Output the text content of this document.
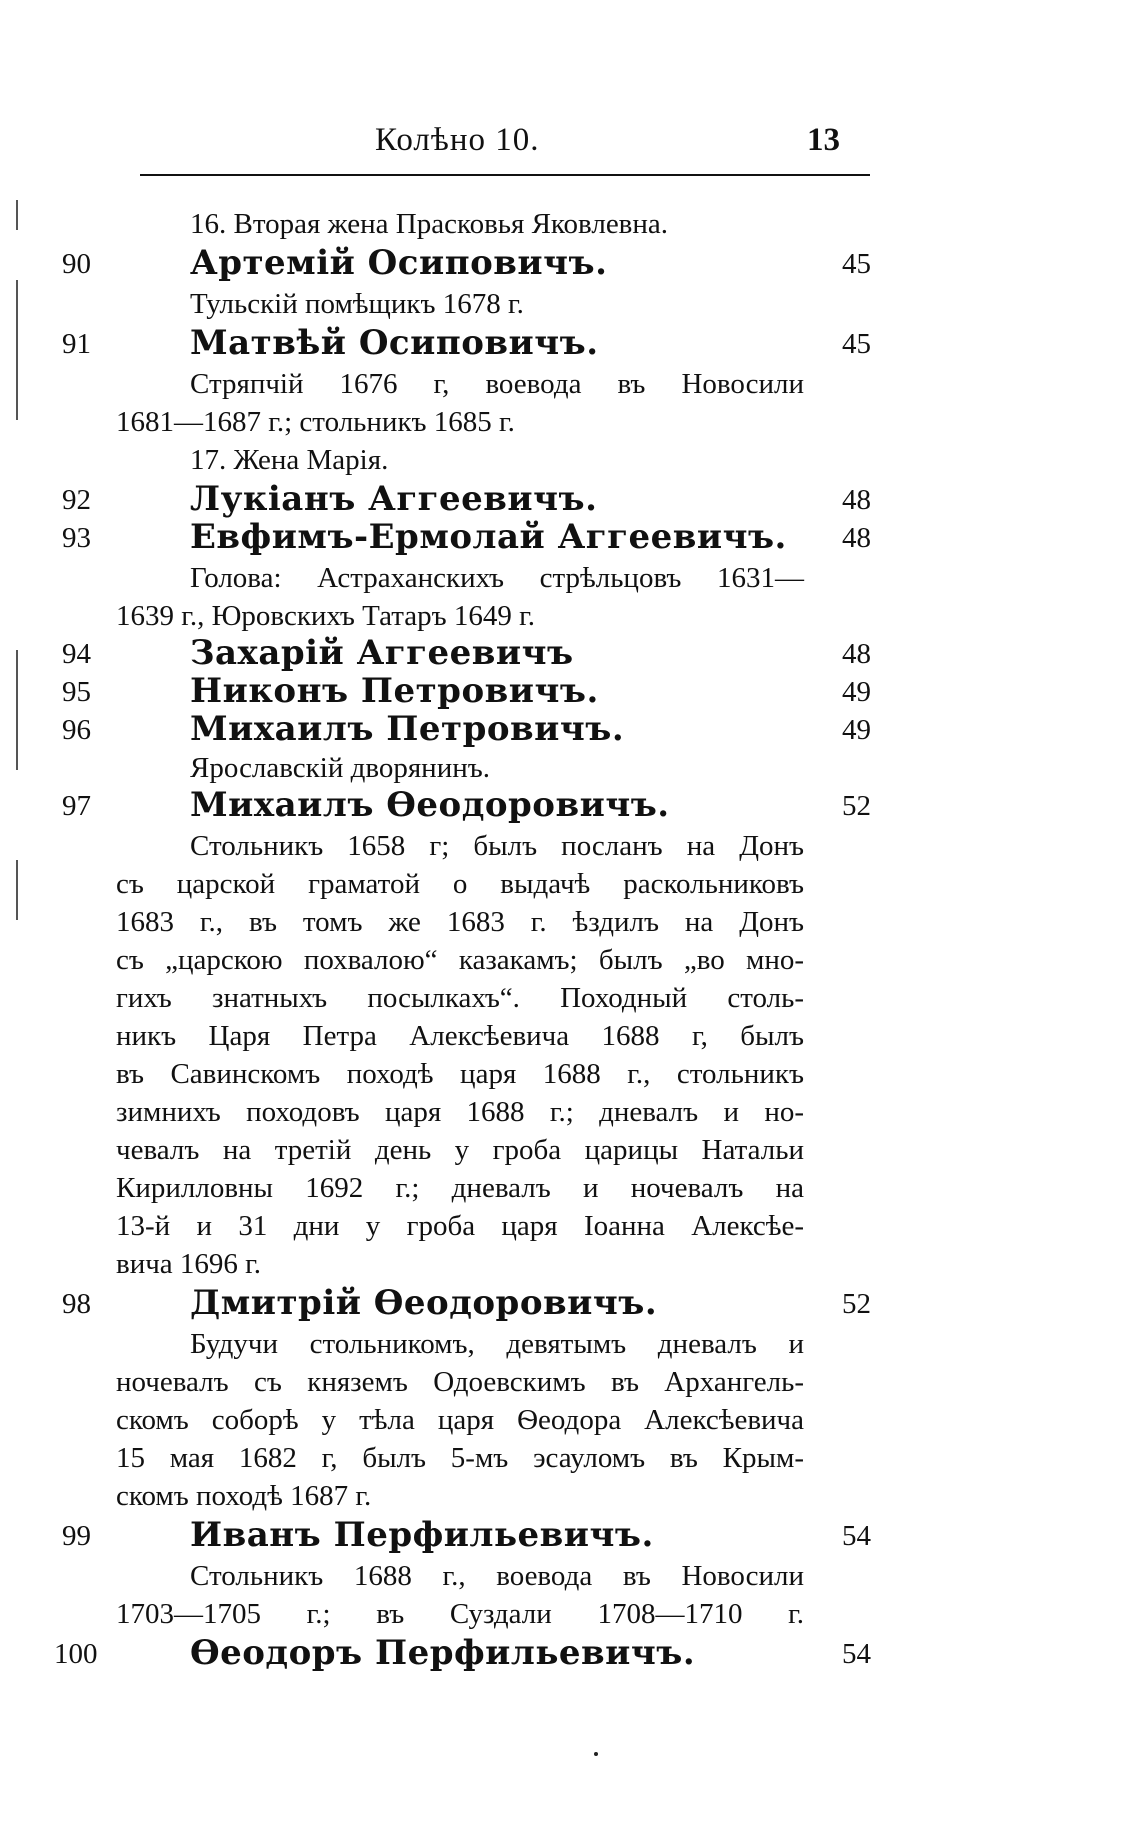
Колѣно 10.	13
16. Вторая жена Прасковья Яковлевна.
90	Артемій Осиповичъ.	45
Тульскій помѣщикъ 1678 г.
91	Матвѣй Осиповичъ.	45
Стряпчій 1676 г, воевода въ Новосили
1681—1687 г.; стольникъ 1685 г.
17. Жена Марія.
92	Лукіанъ Аггеевичъ.	48
93	Евфимъ-Ермолай Аггеевичъ. 48
Голова: Астраханскихъ стрѣльцовъ 1631—
1639 г., Юровскихъ Татаръ 1649 г.
94	Захарій Аггеевичъ	48
95	Никонъ Петровичъ.	49
96	Михаилъ Петровичъ.	49
Ярославскій дворянинъ.
97	Михаилъ Ѳеодоровичъ.	52
Стольникъ 1658 г; былъ посланъ на Донъ
съ царской граматой о выдачѣ раскольниковъ
1683 г., въ томъ же 1683 г. ѣздилъ на Донъ
съ „царскою похвалою“ казакамъ; былъ „во мно-
гихъ знатныхъ посылкахъ“. Походный столь-
никъ Царя Петра Алексѣевича 1688 г, былъ
въ Савинскомъ походѣ царя 1688 г., стольникъ
зимнихъ походовъ царя 1688 г.; дневалъ и но-
чевалъ на третій день у гроба царицы Натальи
Кирилловны 1692 г.; дневалъ и ночевалъ на
13-й и 31 дни у гроба царя Іоанна Алексѣе-
вича 1696 г.
98	Дмитрій Ѳеодоровичъ.	52
Будучи стольникомъ, девятымъ дневалъ и
ночевалъ съ княземъ Одоевскимъ въ Архангель-
скомъ соборѣ у тѣла царя Ѳеодора Алексѣевича
15 мая 1682 г, былъ 5-мъ эсауломъ въ Крым-
скомъ походѣ 1687 г.
99	Иванъ Перфильевичъ.	54
Стольникъ 1688 г., воевода въ Новосили
1703—1705 г.; въ Суздали 1708—1710 г.
100	Ѳеодоръ Перфильевичъ.	54
